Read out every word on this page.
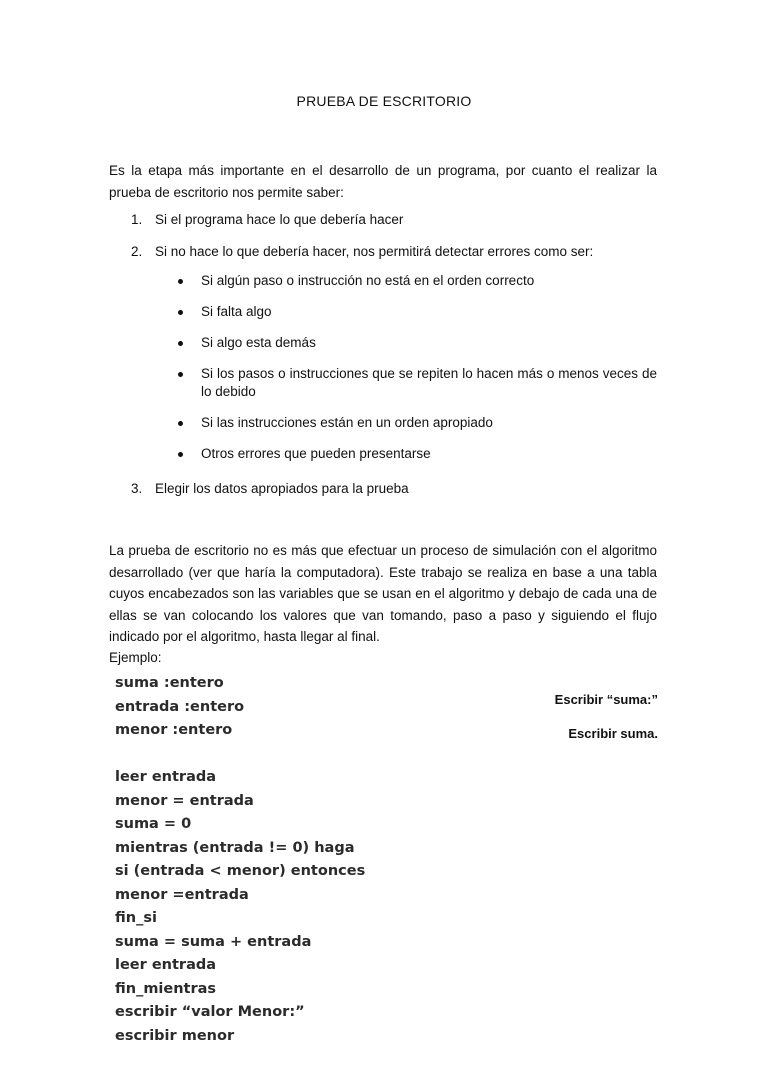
PRUEBA DE ESCRITORIO

Es la etapa más importante en el desarrollo de un programa, por cuanto el realizar la prueba de escritorio nos permite saber:

1. Si el programa hace lo que debería hacer
2. Si no hace lo que debería hacer, nos permitirá detectar errores como ser:
Si algún paso o instrucción no está en el orden correcto
Si falta algo
Si algo esta demás
Si los pasos o instrucciones que se repiten lo hacen más o menos veces de lo debido
Si las instrucciones están en un orden apropiado
Otros errores que pueden presentarse
3. Elegir los datos apropiados para la prueba

La prueba de escritorio no es más que efectuar un proceso de simulación con el algoritmo desarrollado (ver que haría la computadora). Este trabajo se realiza en base a una tabla cuyos encabezados son las variables que se usan en el algoritmo y debajo de cada una de ellas se van colocando los valores que van tomando, paso a paso y siguiendo el flujo indicado por el algoritmo, hasta llegar al final.

Ejemplo:

Escribir “suma:”
Escribir suma.
suma :entero
entrada :entero
menor :entero
leer entrada
menor = entrada
suma = 0
mientras (entrada != 0) haga
si (entrada < menor) entonces
menor =entrada
fin_si
suma = suma + entrada
leer entrada
fin_mientras
escribir “valor Menor:”
escribir menor
